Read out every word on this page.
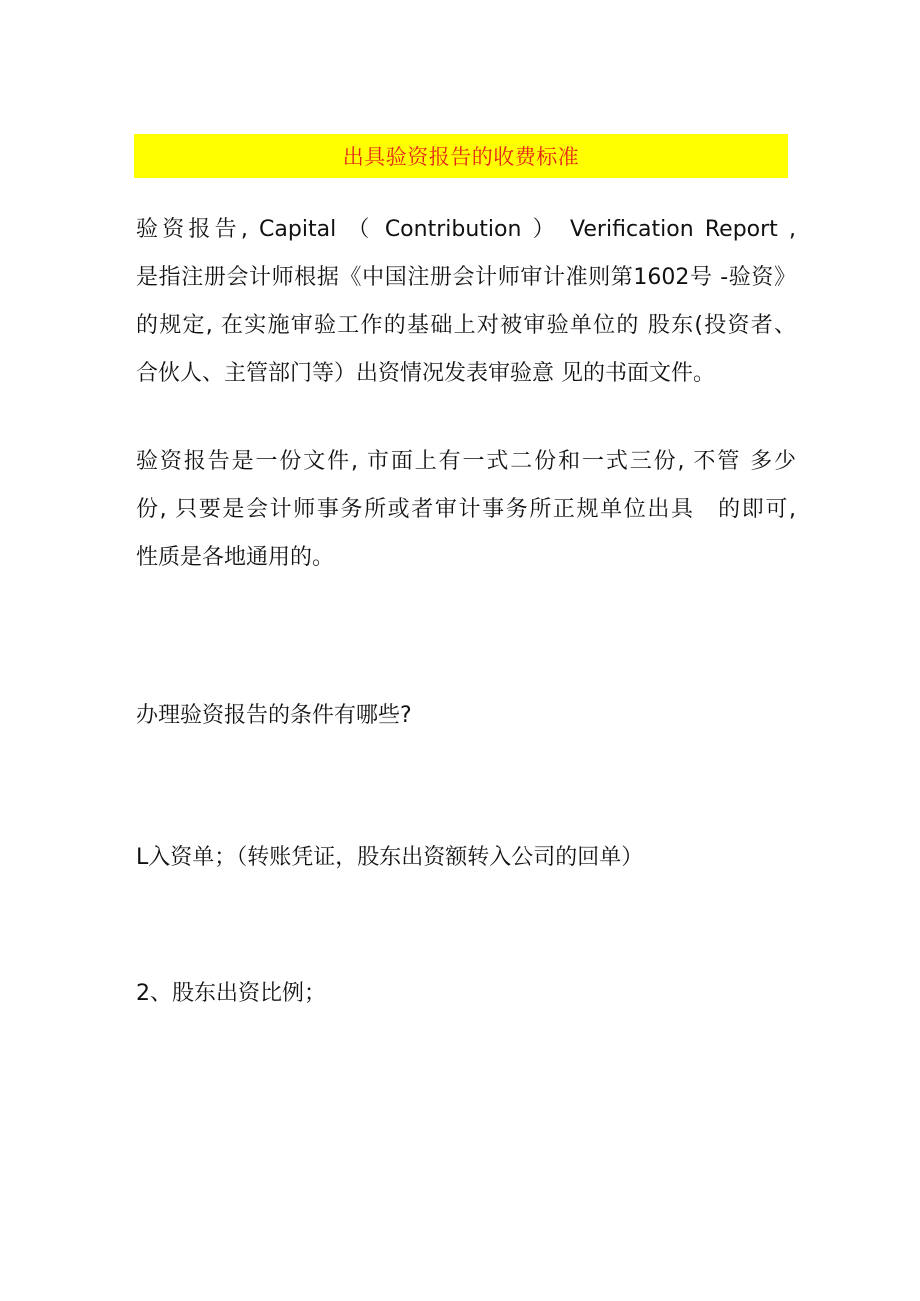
出具验资报告的收费标准
验资报告, Capital （ Contribution ） Verification Report ,
是指注册会计师根据《中国注册会计师审计准则第1602号 -验资》
的规定, 在实施审验工作的基础上对被审验单位的 股东(投资者、
合伙人、主管部门等）出资情况发表审验意 见的书面文件。
验资报告是一份文件, 市面上有一式二份和一式三份, 不管 多少
份, 只要是会计师事务所或者审计事务所正规单位出具　的即可,
性质是各地通用的。
办理验资报告的条件有哪些?
L入资单；（转账凭证，股东出资额转入公司的回单）
2、股东出资比例；
